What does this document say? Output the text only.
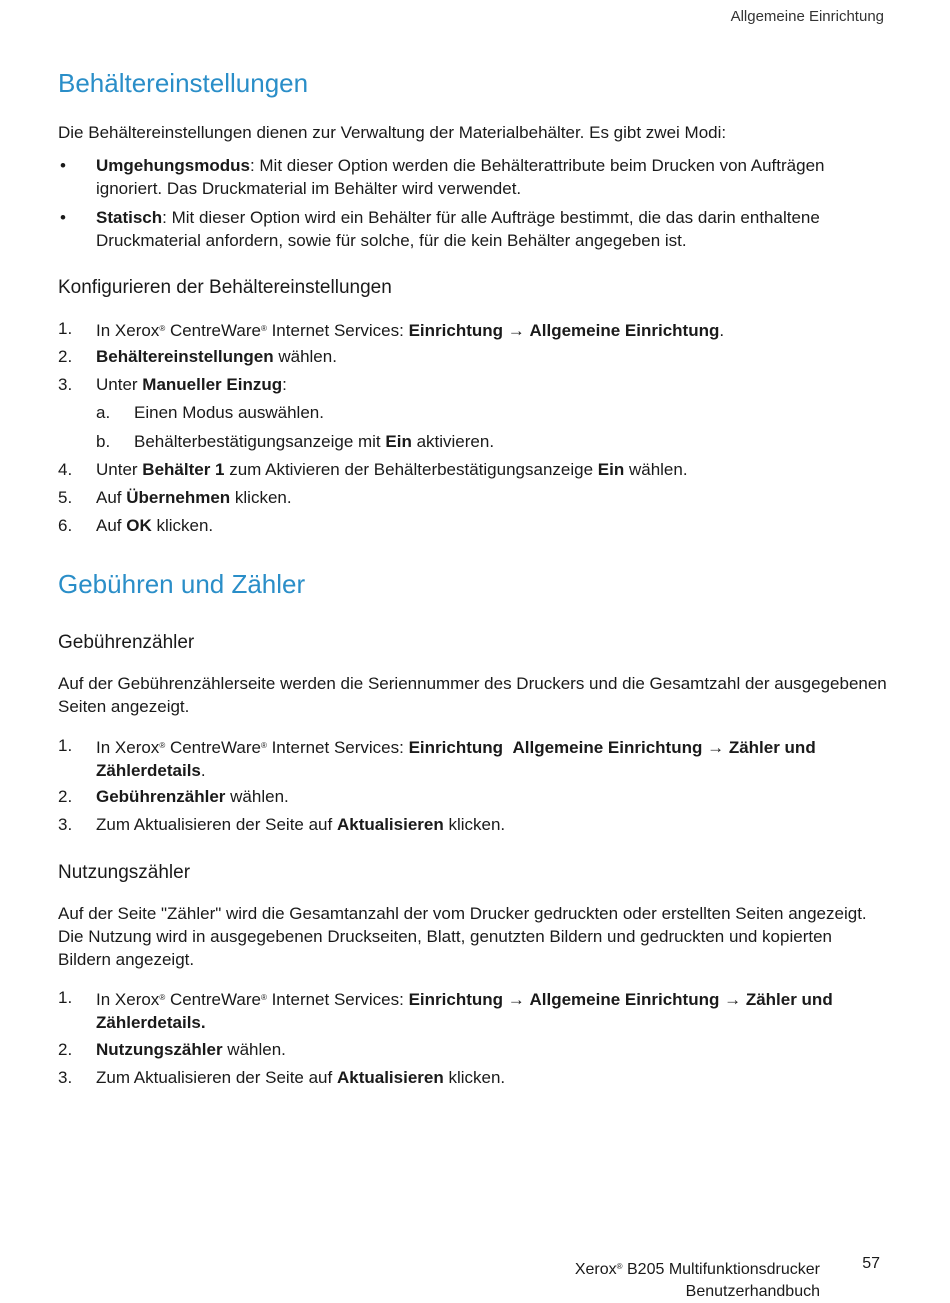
Allgemeine Einrichtung
Behältereinstellungen

Die Behältereinstellungen dienen zur Verwaltung der Materialbehälter. Es gibt zwei Modi:

• Umgehungsmodus: Mit dieser Option werden die Behälterattribute beim Drucken von Aufträgen ignoriert. Das Druckmaterial im Behälter wird verwendet.
• Statisch: Mit dieser Option wird ein Behälter für alle Aufträge bestimmt, die das darin enthaltene Druckmaterial anfordern, sowie für solche, für die kein Behälter angegeben ist.
Konfigurieren der Behältereinstellungen
1. In Xerox® CentreWare® Internet Services: Einrichtung → Allgemeine Einrichtung.
2. Behältereinstellungen wählen.
3. Unter Manueller Einzug:
a. Einen Modus auswählen.
b. Behälterbestätigungsanzeige mit Ein aktivieren.
4. Unter Behälter 1 zum Aktivieren der Behälterbestätigungsanzeige Ein wählen.
5. Auf Übernehmen klicken.
6. Auf OK klicken.
Gebühren und Zähler
Gebührenzähler

Auf der Gebührenzählerseite werden die Seriennummer des Druckers und die Gesamtzahl der ausgegebenen Seiten angezeigt.

1. In Xerox® CentreWare® Internet Services: Einrichtung Allgemeine Einrichtung → Zähler und Zählerdetails.
2. Gebührenzähler wählen.
3. Zum Aktualisieren der Seite auf Aktualisieren klicken.
Nutzungszähler

Auf der Seite "Zähler" wird die Gesamtanzahl der vom Drucker gedruckten oder erstellten Seiten angezeigt. Die Nutzung wird in ausgegebenen Druckseiten, Blatt, genutzten Bildern und gedruckten und kopierten Bildern angezeigt.

1. In Xerox® CentreWare® Internet Services: Einrichtung → Allgemeine Einrichtung → Zähler und Zählerdetails.
2. Nutzungszähler wählen.
3. Zum Aktualisieren der Seite auf Aktualisieren klicken.
Xerox® B205 Multifunktionsdrucker
Benutzerhandbuch
57
